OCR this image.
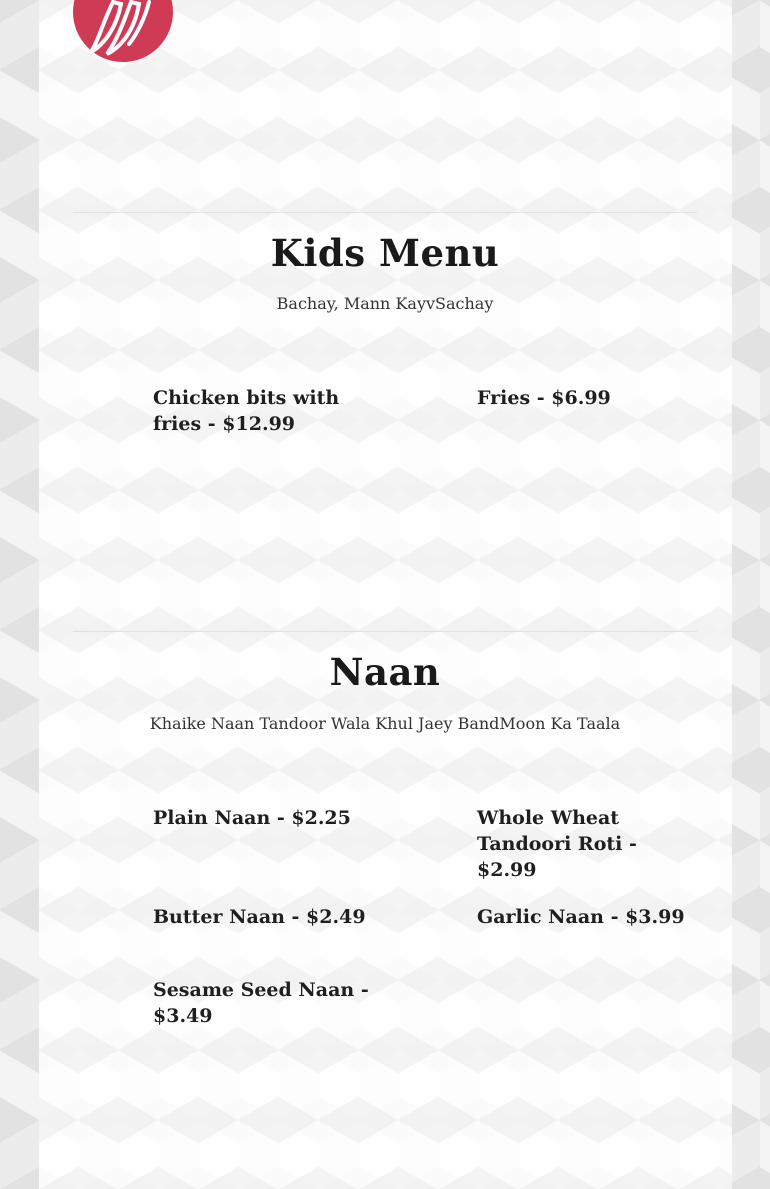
Kids Menu

Bachay, Mann KayvSachay

Chicken bits with fries - $12.99

Fries - $6.99

Naan

Khaike Naan Tandoor Wala Khul Jaey BandMoon Ka Taala

Plain Naan - $2.25	Whole Wheat Tandoori Roti - $2.99

Butter Naan - $2.49	Garlic Naan - $3.99

Sesame Seed Naan - $3.49
